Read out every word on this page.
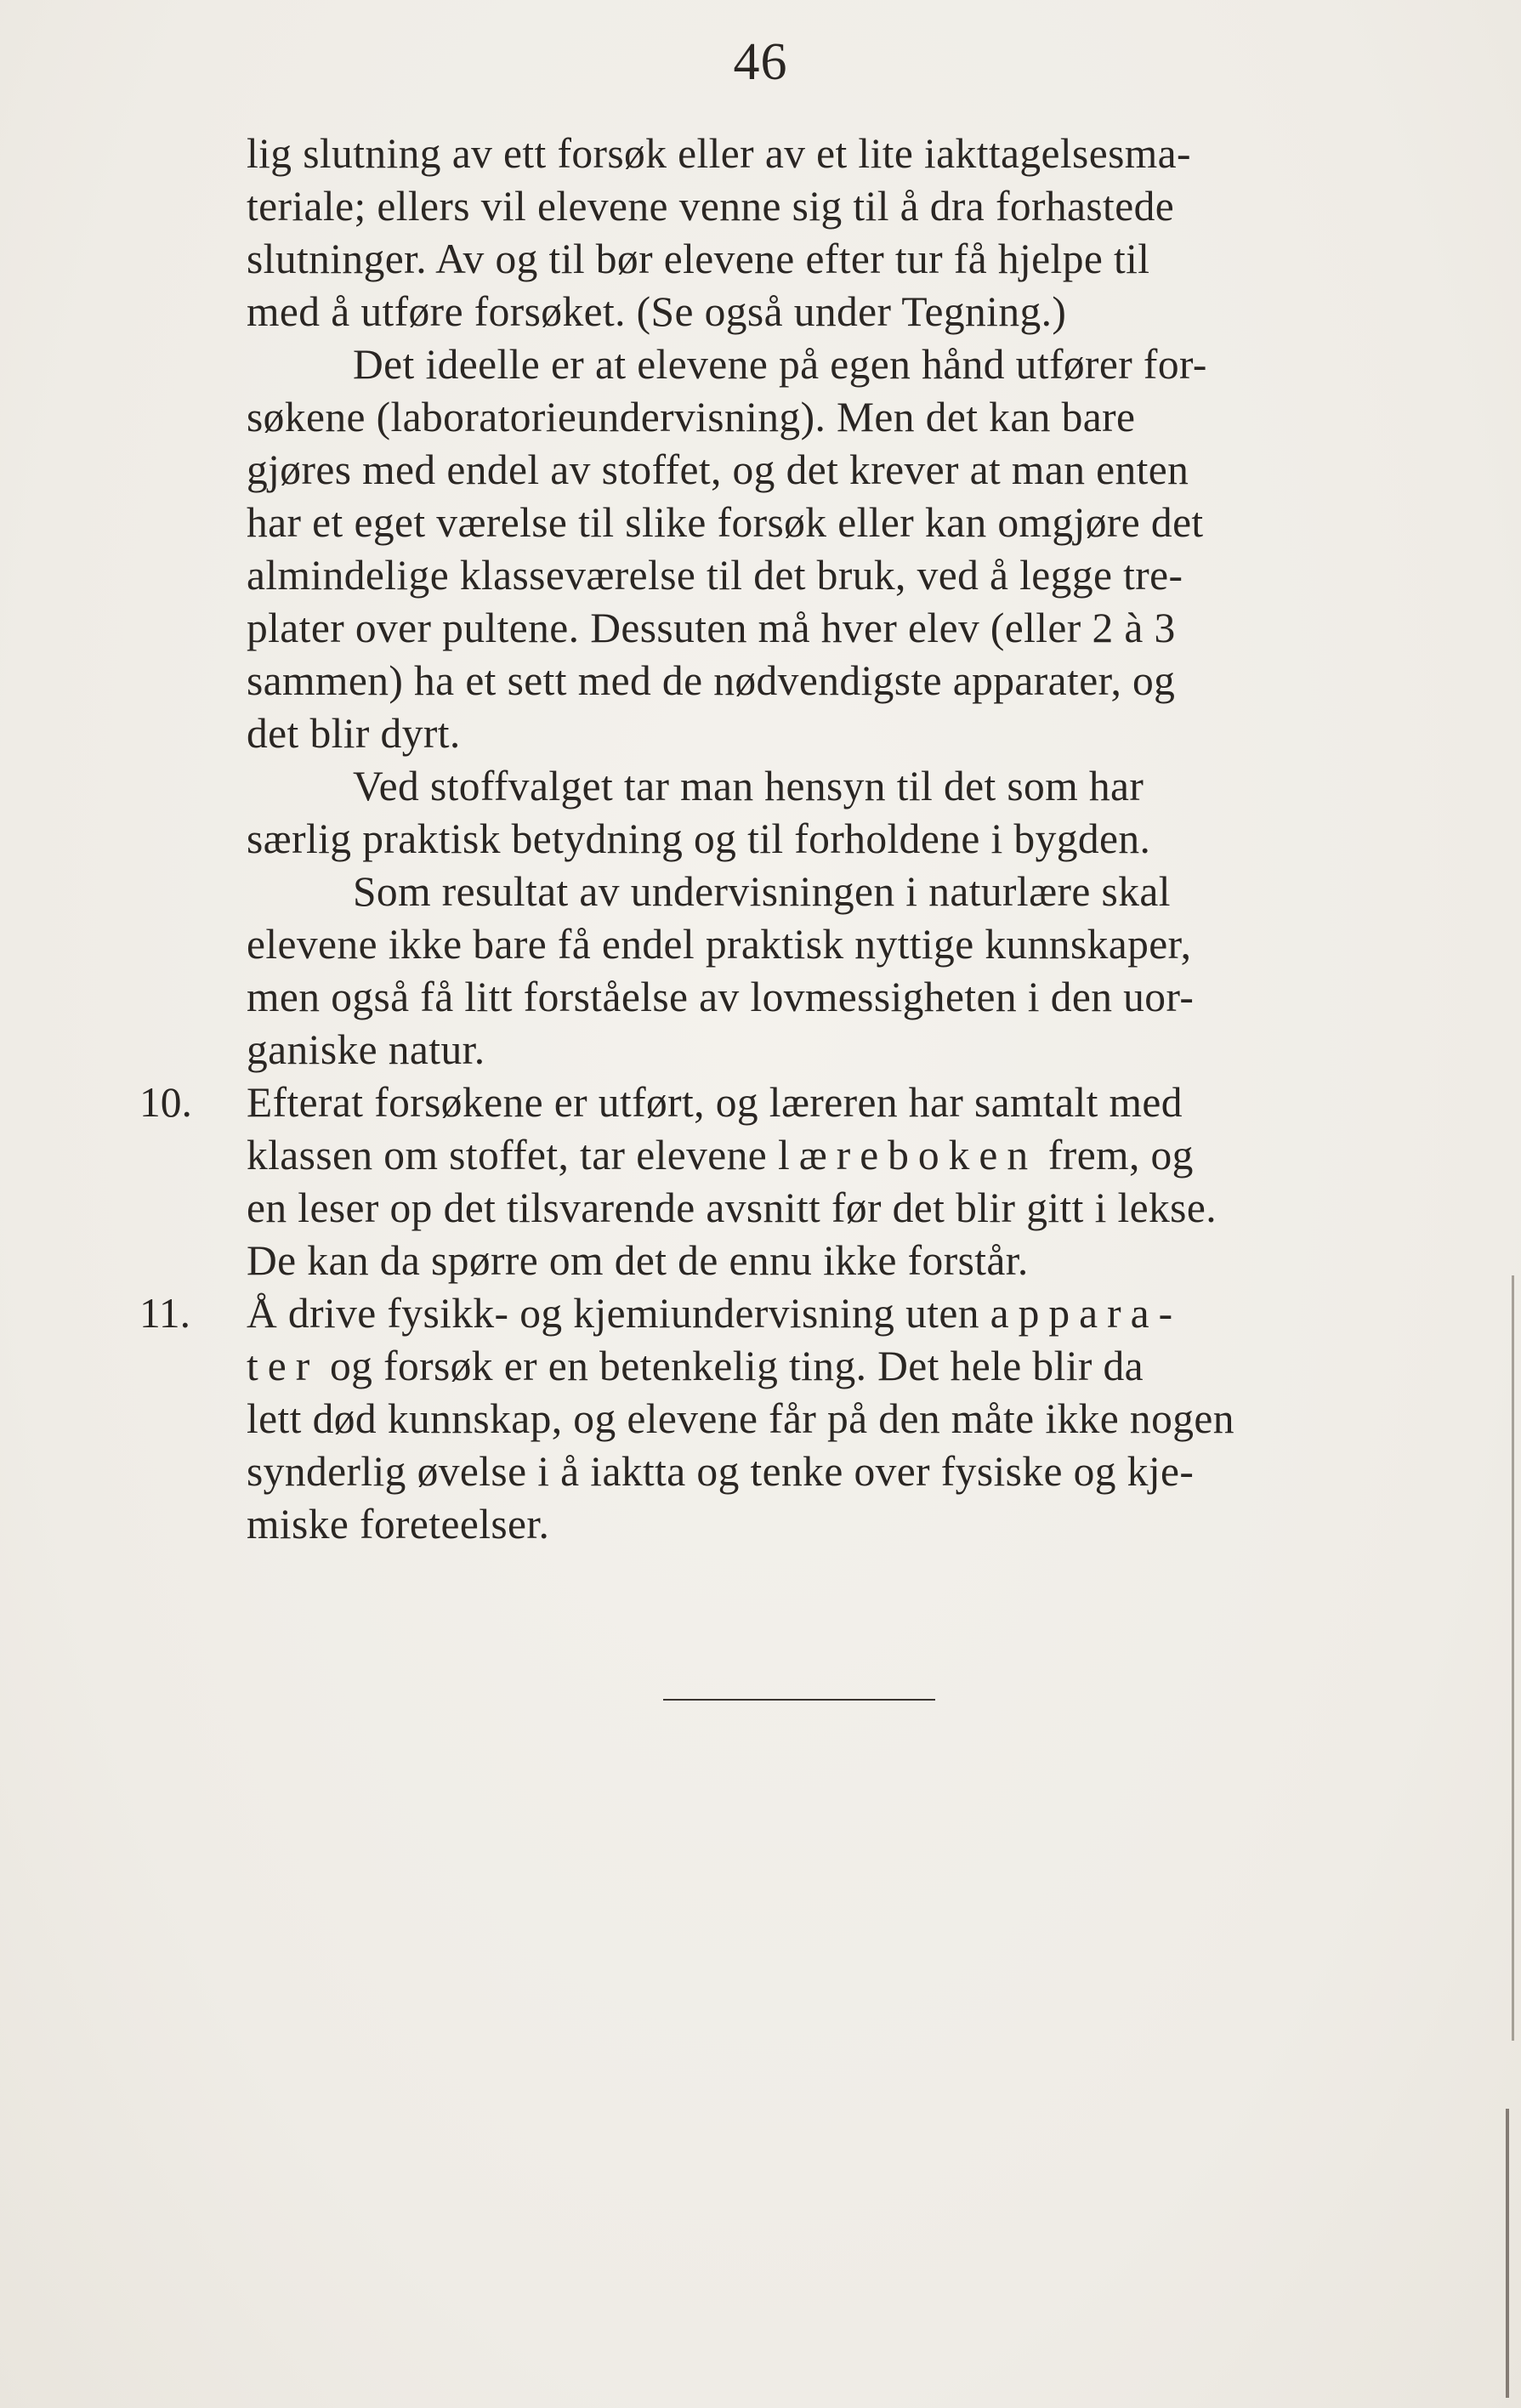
46
lig slutning av ett forsøk eller av et lite iakttagelsesma-
teriale; ellers vil elevene venne sig til å dra forhastede
slutninger. Av og til bør elevene efter tur få hjelpe til
med å utføre forsøket. (Se også under Tegning.)
Det ideelle er at elevene på egen hånd utfører for-
søkene (laboratorieundervisning). Men det kan bare
gjøres med endel av stoffet, og det krever at man enten
har et eget værelse til slike forsøk eller kan omgjøre det
almindelige klasseværelse til det bruk, ved å legge tre-
plater over pultene. Dessuten må hver elev (eller 2 à 3
sammen) ha et sett med de nødvendigste apparater, og
det blir dyrt.
Ved stoffvalget tar man hensyn til det som har
særlig praktisk betydning og til forholdene i bygden.
Som resultat av undervisningen i naturlære skal
elevene ikke bare få endel praktisk nyttige kunnskaper,
men også få litt forståelse av lovmessigheten i den uor-
ganiske natur.
10. Efterat forsøkene er utført, og læreren har samtalt med
klassen om stoffet, tar elevene læreboken frem, og
en leser op det tilsvarende avsnitt før det blir gitt i lekse.
De kan da spørre om det de ennu ikke forstår.
11. Å drive fysikk- og kjemiundervisning uten appara-
ter og forsøk er en betenkelig ting. Det hele blir da
lett død kunnskap, og elevene får på den måte ikke nogen
synderlig øvelse i å iaktta og tenke over fysiske og kje-
miske foreteelser.
